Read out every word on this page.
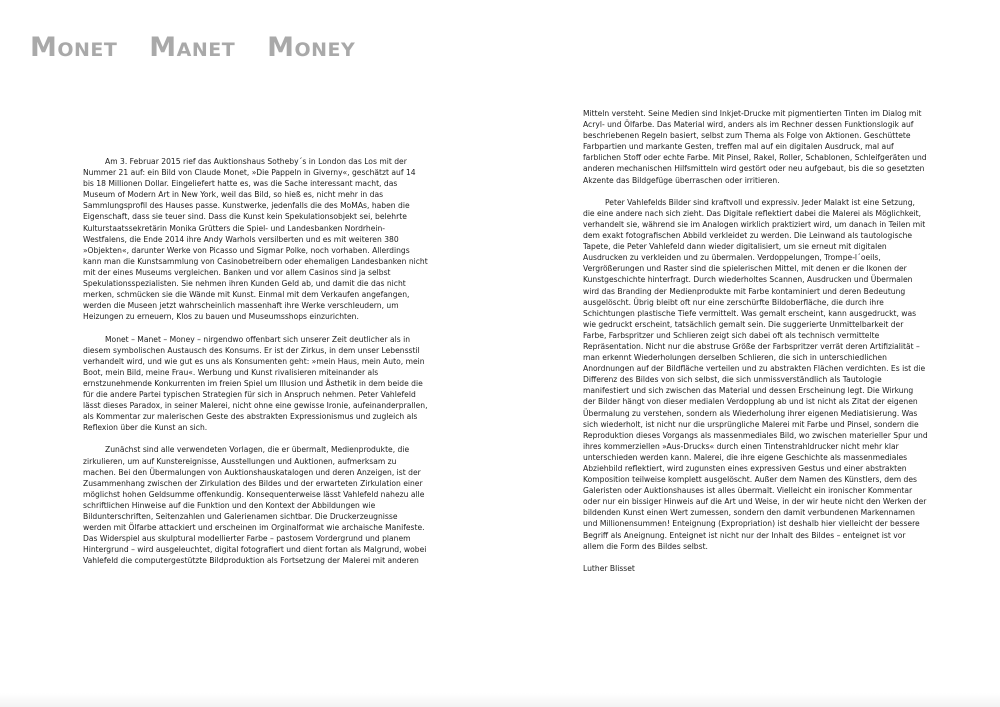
Monet Manet Money

Am 3. Februar 2015 rief das Auktionshaus Sotheby´s in London das Los mit der Nummer 21 auf: ein Bild von Claude Monet, »Die Pappeln in Giverny«, geschätzt auf 14 bis 18 Millionen Dollar. Eingeliefert hatte es, was die Sache interessant macht, das Museum of Modern Art in New York, weil das Bild, so hieß es, nicht mehr in das Sammlungsprofil des Hauses passe. Kunstwerke, jedenfalls die des MoMAs, haben die Eigenschaft, dass sie teuer sind. Dass die Kunst kein Spekulationsobjekt sei, belehrte Kulturstaatssekretärin Monika Grütters die Spiel- und Landesbanken Nordrhein-Westfalens, die Ende 2014 ihre Andy Warhols versilberten und es mit weiteren 380 »Objekten«, darunter Werke von Picasso und Sigmar Polke, noch vorhaben. Allerdings kann man die Kunstsammlung von Casinobetreibern oder ehemaligen Landesbanken nicht mit der eines Museums vergleichen. Banken und vor allem Casinos sind ja selbst Spekulationsspezialisten. Sie nehmen ihren Kunden Geld ab, und damit die das nicht merken, schmücken sie die Wände mit Kunst. Einmal mit dem Verkaufen angefangen, werden die Museen jetzt wahrscheinlich massenhaft ihre Werke verschleudern, um Heizungen zu erneuern, Klos zu bauen und Museumsshops einzurichten.

Monet – Manet – Money – nirgendwo offenbart sich unserer Zeit deutlicher als in diesem symbolischen Austausch des Konsums. Er ist der Zirkus, in dem unser Lebensstil verhandelt wird, und wie gut es uns als Konsumenten geht: »mein Haus, mein Auto, mein Boot, mein Bild, meine Frau«. Werbung und Kunst rivalisieren miteinander als ernstzunehmende Konkurrenten im freien Spiel um Illusion und Ästhetik in dem beide die für die andere Partei typischen Strategien für sich in Anspruch nehmen. Peter Vahlefeld lässt dieses Paradox, in seiner Malerei, nicht ohne eine gewisse Ironie, aufeinanderprallen, als Kommentar zur malerischen Geste des abstrakten Expressionismus und zugleich als Reflexion über die Kunst an sich.

Zunächst sind alle verwendeten Vorlagen, die er übermalt, Medienprodukte, die zirkulieren, um auf Kunstereignisse, Ausstellungen und Auktionen, aufmerksam zu machen. Bei den Übermalungen von Auktionshauskatalogen und deren Anzeigen, ist der Zusammenhang zwischen der Zirkulation des Bildes und der erwarteten Zirkulation einer möglichst hohen Geldsumme offenkundig. Konsequenterweise lässt Vahlefeld nahezu alle schriftlichen Hinweise auf die Funktion und den Kontext der Abbildungen wie Bildunterschriften, Seitenzahlen und Galerienamen sichtbar. Die Druckerzeugnisse werden mit Ölfarbe attackiert und erscheinen im Orginalformat wie archaische Manifeste. Das Widerspiel aus skulptural modellierter Farbe – pastosem Vordergrund und planem Hintergrund – wird ausgeleuchtet, digital fotografiert und dient fortan als Malgrund, wobei Vahlefeld die computergestützte Bildproduktion als Fortsetzung der Malerei mit anderen

Mitteln versteht. Seine Medien sind Inkjet-Drucke mit pigmentierten Tinten im Dialog mit Acryl- und Ölfarbe. Das Material wird, anders als im Rechner dessen Funktionslogik auf beschriebenen Regeln basiert, selbst zum Thema als Folge von Aktionen. Geschüttete Farbpartien und markante Gesten, treffen mal auf ein digitalen Ausdruck, mal auf farblichen Stoff oder echte Farbe. Mit Pinsel, Rakel, Roller, Schablonen, Schleifgeräten und anderen mechanischen Hilfsmitteln wird gestört oder neu aufgebaut, bis die so gesetzten Akzente das Bildgefüge überraschen oder irritieren.

Peter Vahlefelds Bilder sind kraftvoll und expressiv. Jeder Malakt ist eine Setzung, die eine andere nach sich zieht. Das Digitale reflektiert dabei die Malerei als Möglichkeit, verhandelt sie, während sie im Analogen wirklich praktiziert wird, um danach in Teilen mit dem exakt fotografischen Abbild verkleidet zu werden. Die Leinwand als tautologische Tapete, die Peter Vahlefeld dann wieder digitalisiert, um sie erneut mit digitalen Ausdrucken zu verkleiden und zu übermalen. Verdoppelungen, Trompe-l´oeils, Vergrößerungen und Raster sind die spielerischen Mittel, mit denen er die Ikonen der Kunstgeschichte hinterfragt. Durch wiederholtes Scannen, Ausdrucken und Übermalen wird das Branding der Medienprodukte mit Farbe kontaminiert und deren Bedeutung ausgelöscht. Übrig bleibt oft nur eine zerschürfte Bildoberfläche, die durch ihre Schichtungen plastische Tiefe vermittelt. Was gemalt erscheint, kann ausgedruckt, was wie gedruckt erscheint, tatsächlich gemalt sein. Die suggerierte Unmittelbarkeit der Farbe, Farbspritzer und Schlieren zeigt sich dabei oft als technisch vermittelte Repräsentation. Nicht nur die abstruse Größe der Farbspritzer verrät deren Artifizialität – man erkennt Wiederholungen derselben Schlieren, die sich in unterschiedlichen Anordnungen auf der Bildfläche verteilen und zu abstrakten Flächen verdichten. Es ist die Differenz des Bildes von sich selbst, die sich unmissverständlich als Tautologie manifestiert und sich zwischen das Material und dessen Erscheinung legt. Die Wirkung der Bilder hängt von dieser medialen Verdopplung ab und ist nicht als Zitat der eigenen Übermalung zu verstehen, sondern als Wiederholung ihrer eigenen Mediatisierung. Was sich wiederholt, ist nicht nur die ursprüngliche Malerei mit Farbe und Pinsel, sondern die Reproduktion dieses Vorgangs als massenmediales Bild, wo zwischen materieller Spur und ihres kommerziellen »Aus-Drucks« durch einen Tintenstrahldrucker nicht mehr klar unterschieden werden kann. Malerei, die ihre eigene Geschichte als massenmediales Abziehbild reflektiert, wird zugunsten eines expressiven Gestus und einer abstrakten Komposition teilweise komplett ausgelöscht. Außer dem Namen des Künstlers, dem des Galeristen oder Auktionshauses ist alles übermalt. Vielleicht ein ironischer Kommentar oder nur ein bissiger Hinweis auf die Art und Weise, in der wir heute nicht den Werken der bildenden Kunst einen Wert zumessen, sondern den damit verbundenen Markennamen und Millionensummen! Enteignung (Expropriation) ist deshalb hier vielleicht der bessere Begriff als Aneignung. Enteignet ist nicht nur der Inhalt des Bildes – enteignet ist vor allem die Form des Bildes selbst.

Luther Blisset
